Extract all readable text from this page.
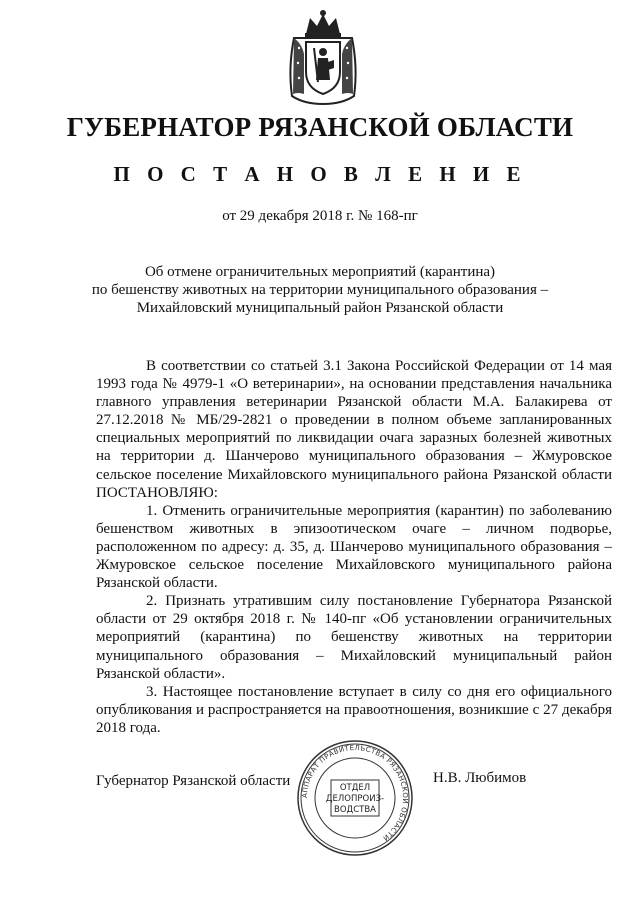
ГУБЕРНАТОР РЯЗАНСКОЙ ОБЛАСТИ
П О С Т А Н О В Л Е Н И Е
от 29 декабря 2018 г. № 168-пг
Об отмене ограничительных мероприятий (карантина)
по бешенству животных на территории муниципального образования –
Михайловский муниципальный район Рязанской области

В соответствии со статьей 3.1 Закона Российской Федерации от 14 мая 1993 года № 4979-1 «О ветеринарии», на основании представления начальника главного управления ветеринарии Рязанской области М.А. Балакирева от 27.12.2018 № МБ/29-2821 о проведении в полном объеме запланированных специальных мероприятий по ликвидации очага заразных болезней животных на территории д. Шанчерово муниципального образования – Жмуровское сельское поселение Михайловского муниципального района Рязанской области ПОСТАНОВЛЯЮ:

1. Отменить ограничительные мероприятия (карантин) по заболеванию бешенством животных в эпизоотическом очаге – личном подворье, расположенном по адресу: д. 35, д. Шанчерово муниципального образования – Жмуровское сельское поселение Михайловского муниципального района Рязанской области.

2. Признать утратившим силу постановление Губернатора Рязанской области от 29 октября 2018 г. № 140-пг «Об установлении ограничительных мероприятий (карантина) по бешенству животных на территории муниципального образования – Михайловский муниципальный район Рязанской области».

3. Настоящее постановление вступает в силу со дня его официального опубликования и распространяется на правоотношения, возникшие с 27 декабря 2018 года.

Губернатор Рязанской области	Н.В. Любимов
АППАРАТ ПРАВИТЕЛЬСТВА РЯЗАНСКОЙ ОБЛАСТИ
ОТДЕЛ
ДЕЛОПРОИЗ-
ВОДСТВА
